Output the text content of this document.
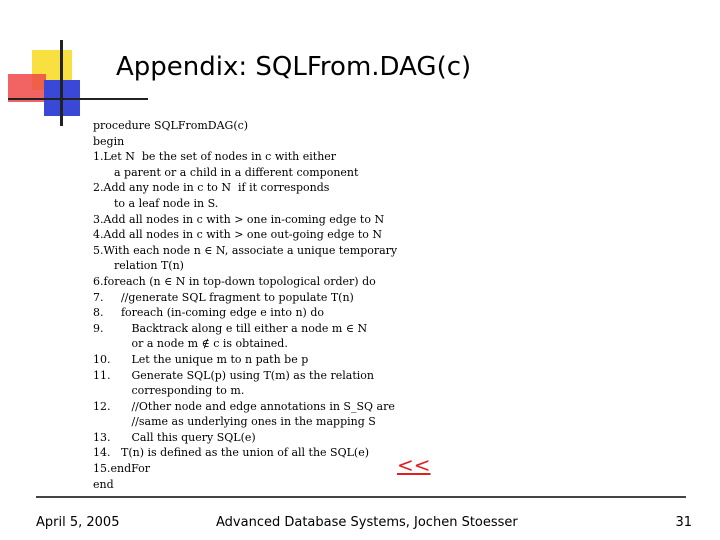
Appendix: SQLFrom.DAG(c)
procedure SQLFromDAG(c)
begin
1.Let N  be the set of nodes in c with either
a parent or a child in a different component
2.Add any node in c to N  if it corresponds
to a leaf node in S.
3.Add all nodes in c with > one in-coming edge to N
4.Add all nodes in c with > one out-going edge to N
5.With each node n ∈ N, associate a unique temporary
relation T(n)
6.foreach (n ∈ N in top-down topological order) do
7.     //generate SQL fragment to populate T(n)
8.     foreach (in-coming edge e into n) do
9.        Backtrack along e till either a node m ∈ N
or a node m ∉ c is obtained.
10.      Let the unique m to n path be p
11.      Generate SQL(p) using T(m) as the relation
corresponding to m.
12.      //Other node and edge annotations in S_SQ are
//same as underlying ones in the mapping S
13.      Call this query SQL(e)
14.   T(n) is defined as the union of all the SQL(e)
15.endFor
end
<<
April 5, 2005	Advanced Database Systems, Jochen Stoesser	31
